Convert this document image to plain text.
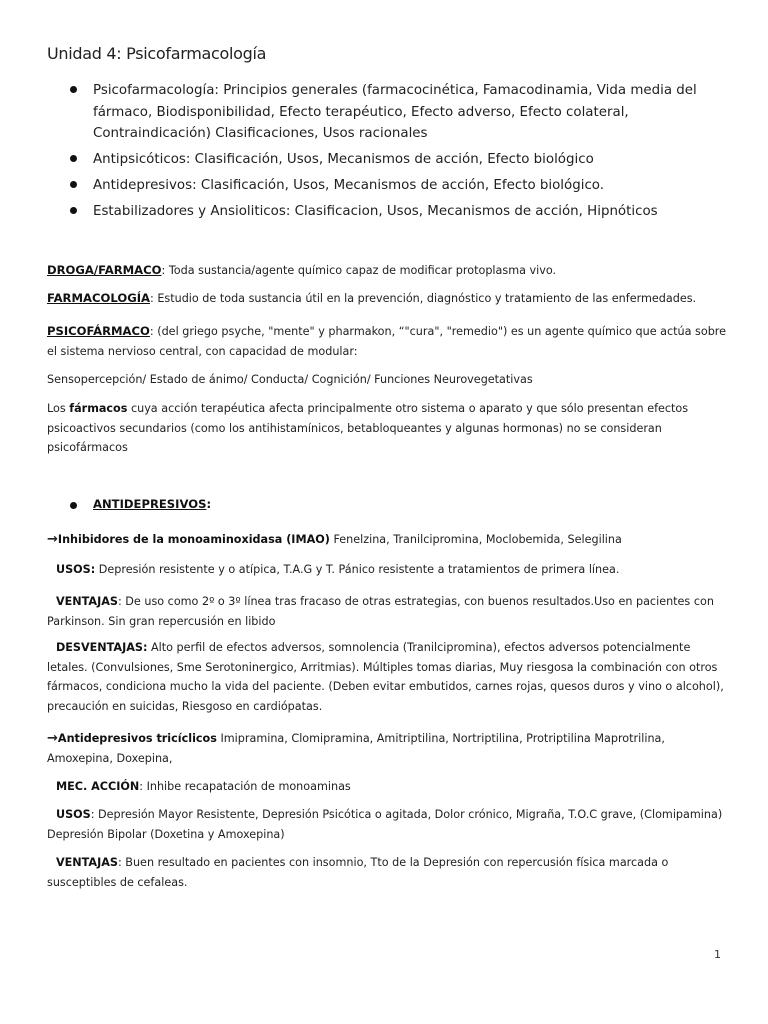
Unidad 4: Psicofarmacología
Psicofarmacología: Principios generales (farmacocinética, Famacodinamia, Vida media del fármaco, Biodisponibilidad, Efecto terapéutico, Efecto adverso, Efecto colateral, Contraindicación) Clasificaciones, Usos racionales
Antipsicóticos: Clasificación, Usos, Mecanismos de acción, Efecto biológico
Antidepresivos: Clasificación, Usos, Mecanismos de acción, Efecto biológico.
Estabilizadores y Ansioliticos: Clasificacion, Usos, Mecanismos de acción, Hipnóticos
DROGA/FARMACO: Toda sustancia/agente químico capaz de modificar protoplasma vivo.
FARMACOLOGÍA: Estudio de toda sustancia útil en la prevención, diagnóstico y tratamiento de las enfermedades.
PSICOFÁRMACO: (del griego psyche, "mente" y pharmakon, “"cura", "remedio") es un agente químico que actúa sobre el sistema nervioso central, con capacidad de modular:
Sensopercepción/ Estado de ánimo/ Conducta/ Cognición/ Funciones Neurovegetativas
Los fármacos cuya acción terapéutica afecta principalmente otro sistema o aparato y que sólo presentan efectos psicoactivos secundarios (como los antihistamínicos, betabloqueantes y algunas hormonas) no se consideran psicofármacos
ANTIDEPRESIVOS:
→Inhibidores de la monoaminoxidasa (IMAO) Fenelzina, Tranilcipromina, Moclobemida, Selegilina
USOS: Depresión resistente y o atípica, T.A.G y T. Pánico resistente a tratamientos de primera línea.
VENTAJAS: De uso como 2º o 3º línea tras fracaso de otras estrategias, con buenos resultados.Uso en pacientes con Parkinson. Sin gran repercusión en libido
DESVENTAJAS: Alto perfil de efectos adversos, somnolencia (Tranilcipromina), efectos adversos potencialmente letales. (Convulsiones, Sme Serotoninergico, Arritmias). Múltiples tomas diarias, Muy riesgosa la combinación con otros fármacos, condiciona mucho la vida del paciente. (Deben evitar embutidos, carnes rojas, quesos duros y vino o alcohol), precaución en suicidas, Riesgoso en cardiópatas.
→Antidepresivos tricíclicos Imipramina, Clomipramina, Amitriptilina, Nortriptilina, Protriptilina Maprotrilina, Amoxepina, Doxepina,
MEC. ACCIÓN: Inhibe recapatación de monoaminas
USOS: Depresión Mayor Resistente, Depresión Psicótica o agitada, Dolor crónico, Migraña, T.O.C grave, (Clomipamina) Depresión Bipolar (Doxetina y Amoxepina)
VENTAJAS: Buen resultado en pacientes con insomnio, Tto de la Depresión con repercusión física marcada o susceptibles de cefaleas.
1
